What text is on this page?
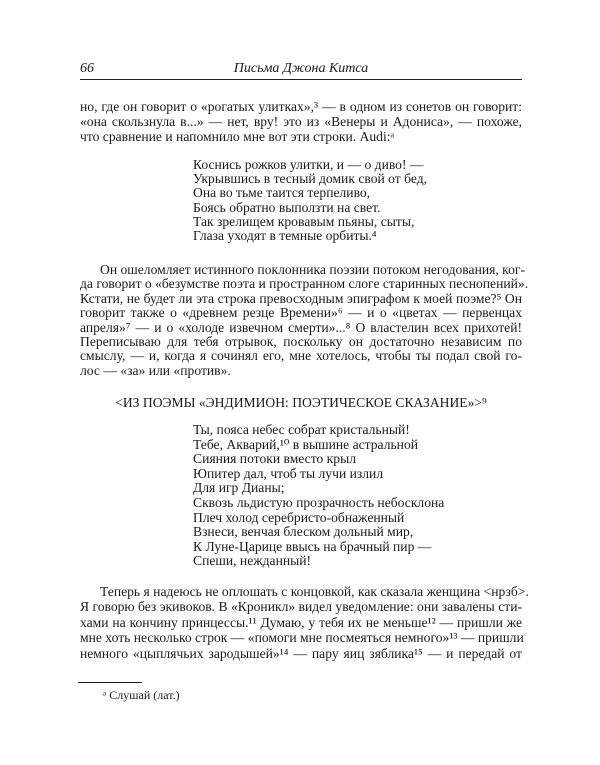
66	Письма Джона Китса
но, где он говорит о «рогатых улитках»,³ — в одном из сонетов он говорит:
«она скользнула в...» — нет, вру! это из «Венеры и Адониса», — похоже,
что сравнение и напомнило мне вот эти строки. Audi:ᵃ
Коснись рожков улитки, и — о диво! —
Укрывшись в тесный домик свой от бед,
Она во тьме таится терпеливо,
Боясь обратно выползти на свет.
Так зрелищем кровавым пьяны, сыты,
Глаза уходят в темные орбиты.⁴
Он ошеломляет истинного поклонника поэзии потоком негодования, ког-
да говорит о «безумстве поэта и пространном слоге старинных песнопений».
Кстати, не будет ли эта строка превосходным эпиграфом к моей поэме?⁵ Он
говорит также о «древнем резце Времени»⁶ — и о «цветах — первенцах
апреля»⁷ — и о «холоде извечном смерти»...⁸ О властелин всех прихотей!
Переписываю для тебя отрывок, поскольку он достаточно независим по
смыслу, — и, когда я сочинял его, мне хотелось, чтобы ты подал свой го-
лос — «за» или «против».
Ты, пояса небес собрат кристальный!
Тебе, Акварий,¹⁰ в вышине астральной
Сияния потоки вместо крыл
Юпитер дал, чтоб ты лучи излил
Для игр Дианы;
Сквозь льдистую прозрачность небосклона
Плеч холод серебристо-обнаженный
Взнеси, венчая блеском дольный мир,
К Луне-Царице ввысь на брачный пир —
Спеши, нежданный!
Теперь я надеюсь не оплошать с концовкой, как сказала женщина <нрзб>.
Я говорю без экивоков. В «Кроникл» видел уведомление: они завалены сти-
хами на кончину принцессы.¹¹ Думаю, у тебя их не меньше¹² — пришли же
мне хоть несколько строк — «помоги мне посмеяться немного»¹³ — пришли
немного «цыплячьих зародышей»¹⁴ — пару яиц зяблика¹⁵ — и передай от
<ИЗ ПОЭМЫ «ЭНДИМИОН: ПОЭТИЧЕСКОЕ СКАЗАНИЕ»>⁹
ᵃ Слушай (лат.)
